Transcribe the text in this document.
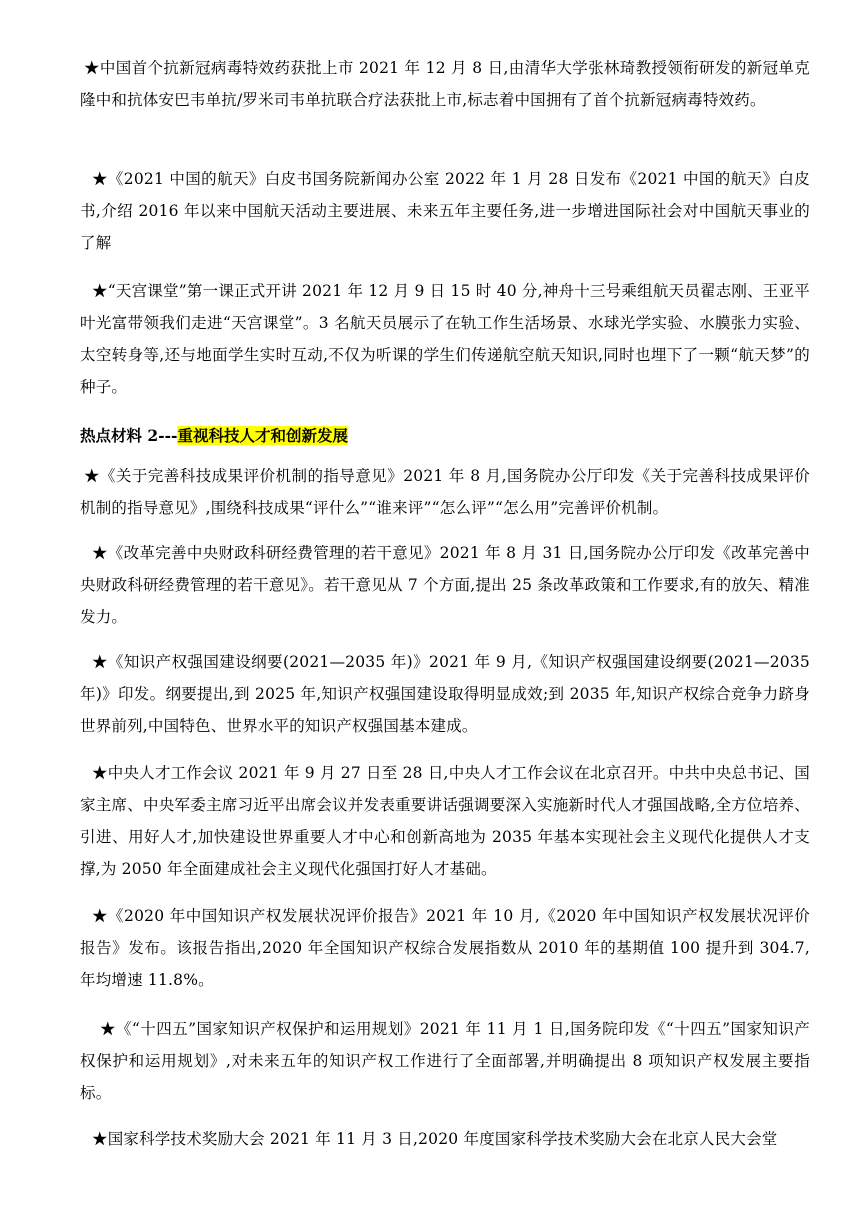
★中国首个抗新冠病毒特效药获批上市 2021 年 12 月 8 日,由清华大学张林琦教授领衔研发的新冠单克隆中和抗体安巴韦单抗/罗米司韦单抗联合疗法获批上市,标志着中国拥有了首个抗新冠病毒特效药。

★《2021 中国的航天》白皮书国务院新闻办公室 2022 年 1 月 28 日发布《2021 中国的航天》白皮书,介绍 2016 年以来中国航天活动主要进展、未来五年主要任务,进一步增进国际社会对中国航天事业的了解

★“天宫课堂”第一课正式开讲 2021 年 12 月 9 日 15 时 40 分,神舟十三号乘组航天员翟志刚、王亚平叶光富带领我们走进“天宫课堂”。3 名航天员展示了在轨工作生活场景、水球光学实验、水膜张力实验、太空转身等,还与地面学生实时互动,不仅为听课的学生们传递航空航天知识,同时也埋下了一颗“航天梦”的种子。

热点材料 2---重视科技人才和创新发展

★《关于完善科技成果评价机制的指导意见》2021 年 8 月,国务院办公厅印发《关于完善科技成果评价机制的指导意见》,围绕科技成果“评什么”“谁来评”“怎么评”“怎么用”完善评价机制。

★《改革完善中央财政科研经费管理的若干意见》2021 年 8 月 31 日,国务院办公厅印发《改革完善中央财政科研经费管理的若干意见》。若干意见从 7 个方面,提出 25 条改革政策和工作要求,有的放矢、精准发力。

★《知识产权强国建设纲要(2021—2035 年)》2021 年 9 月,《知识产权强国建设纲要(2021—2035 年)》印发。纲要提出,到 2025 年,知识产权强国建设取得明显成效;到 2035 年,知识产权综合竞争力跻身世界前列,中国特色、世界水平的知识产权强国基本建成。

★中央人才工作会议 2021 年 9 月 27 日至 28 日,中央人才工作会议在北京召开。中共中央总书记、国家主席、中央军委主席习近平出席会议并发表重要讲话强调要深入实施新时代人才强国战略,全方位培养、引进、用好人才,加快建设世界重要人才中心和创新高地为 2035 年基本实现社会主义现代化提供人才支撑,为 2050 年全面建成社会主义现代化强国打好人才基础。

★《2020 年中国知识产权发展状况评价报告》2021 年 10 月,《2020 年中国知识产权发展状况评价报告》发布。该报告指出,2020 年全国知识产权综合发展指数从 2010 年的基期值 100 提升到 304.7,年均增速 11.8%。

★《“十四五”国家知识产权保护和运用规划》2021 年 11 月 1 日,国务院印发《“十四五”国家知识产权保护和运用规划》,对未来五年的知识产权工作进行了全面部署,并明确提出 8 项知识产权发展主要指标。

★国家科学技术奖励大会 2021 年 11 月 3 日,2020 年度国家科学技术奖励大会在北京人民大会堂
